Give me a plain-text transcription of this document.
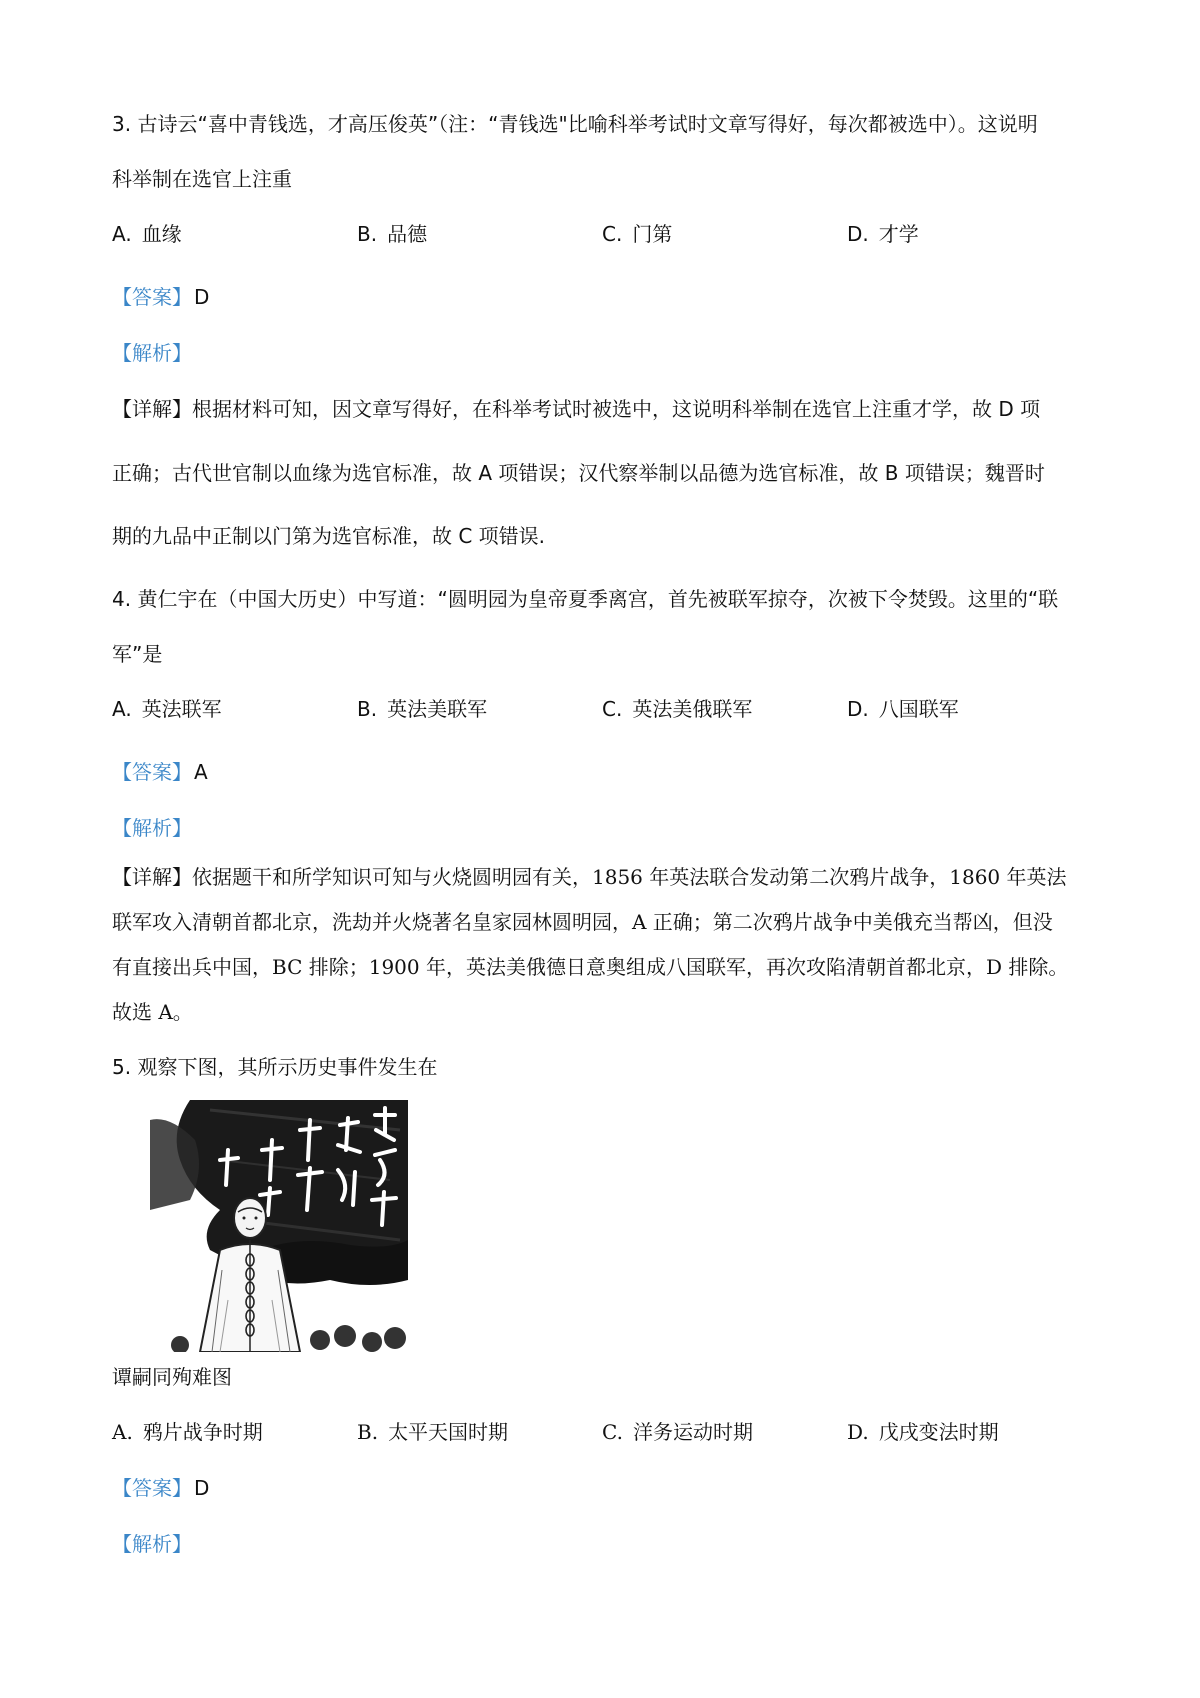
3. 古诗云“喜中青钱选，才高压俊英”（注：“青钱选"比喻科举考试时文章写得好，每次都被选中）。这说明
科举制在选官上注重
A. 血缘	B. 品德	C. 门第	D. 才学
【答案】 D
【解析】
【详解】根据材料可知，因文章写得好，在科举考试时被选中，这说明科举制在选官上注重才学，故 D 项
正确；古代世官制以血缘为选官标准，故 A 项错误；汉代察举制以品德为选官标准，故 B 项错误；魏晋时
期的九品中正制以门第为选官标准，故 C 项错误.
4. 黄仁宇在（中国大历史）中写道：“圆明园为皇帝夏季离宫，首先被联军掠夺，次被下令焚毁。这里的“联
军”是
A. 英法联军	B. 英法美联军	C. 英法美俄联军	D. 八国联军
【答案】 A
【解析】
【详解】依据题干和所学知识可知与火烧圆明园有关，1856 年英法联合发动第二次鸦片战争，1860 年英法
联军攻入清朝首都北京，洗劫并火烧著名皇家园林圆明园，A 正确；第二次鸦片战争中美俄充当帮凶，但没
有直接出兵中国，BC 排除；1900 年，英法美俄德日意奥组成八国联军，再次攻陷清朝首都北京，D 排除。
故选 A。
5. 观察下图，其所示历史事件发生在
谭嗣同殉难图
A. 鸦片战争时期	B. 太平天国时期	C. 洋务运动时期	D. 戊戌变法时期
【答案】 D
【解析】
